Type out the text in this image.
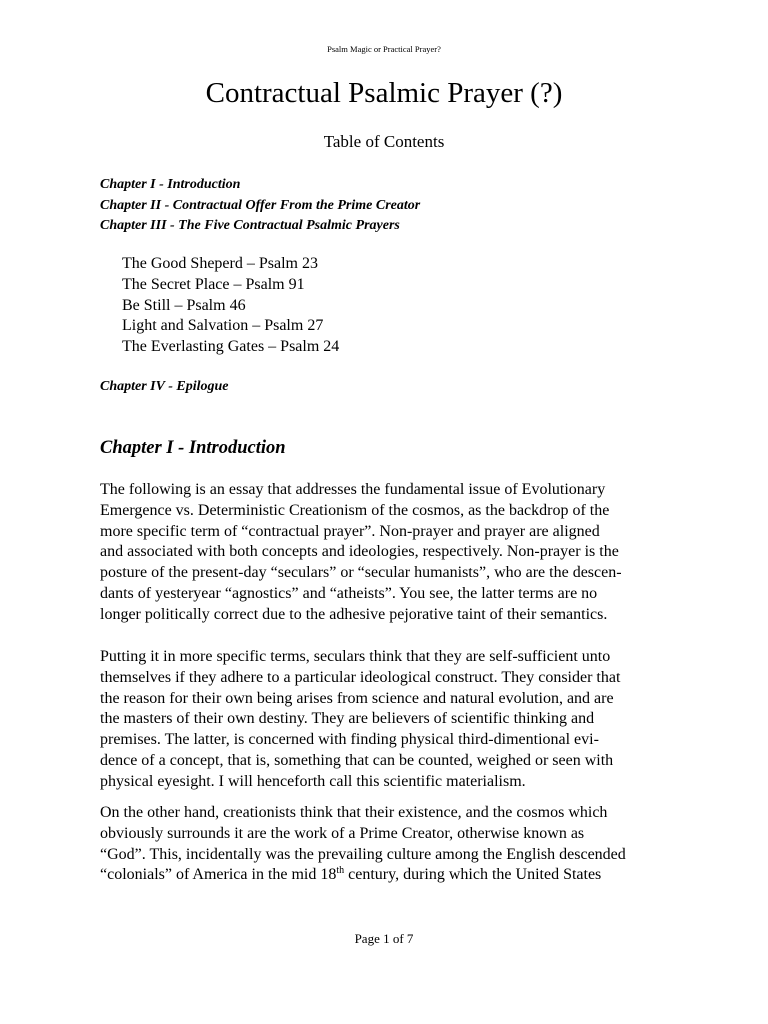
Psalm Magic or Practical Prayer?
Contractual Psalmic Prayer (?)
Table of Contents
Chapter I - Introduction
Chapter II - Contractual Offer From the Prime Creator
Chapter III - The Five Contractual Psalmic Prayers
The Good Sheperd – Psalm 23
The Secret Place – Psalm 91
Be Still – Psalm 46
Light and Salvation – Psalm 27
The Everlasting Gates – Psalm 24
Chapter IV - Epilogue
Chapter I - Introduction

The following is an essay that addresses the fundamental issue of Evolutionary
Emergence vs. Deterministic Creationism of the cosmos, as the backdrop of the
more specific term of “contractual prayer”. Non-prayer and prayer are aligned
and associated with both concepts and ideologies, respectively. Non-prayer is the
posture of the present-day “seculars” or “secular humanists”, who are the descen-
dants of yesteryear “agnostics” and “atheists”. You see, the latter terms are no
longer politically correct due to the adhesive pejorative taint of their semantics.

Putting it in more specific terms, seculars think that they are self-sufficient unto
themselves if they adhere to a particular ideological construct. They consider that
the reason for their own being arises from science and natural evolution, and are
the masters of their own destiny. They are believers of scientific thinking and
premises. The latter, is concerned with finding physical third-dimentional evi-
dence of a concept, that is, something that can be counted, weighed or seen with
physical eyesight. I will henceforth call this scientific materialism.

On the other hand, creationists think that their existence, and the cosmos which
obviously surrounds it are the work of a Prime Creator, otherwise known as
“God”. This, incidentally was the prevailing culture among the English descended
“colonials” of America in the mid 18th century, during which the United States

Page 1 of 7
